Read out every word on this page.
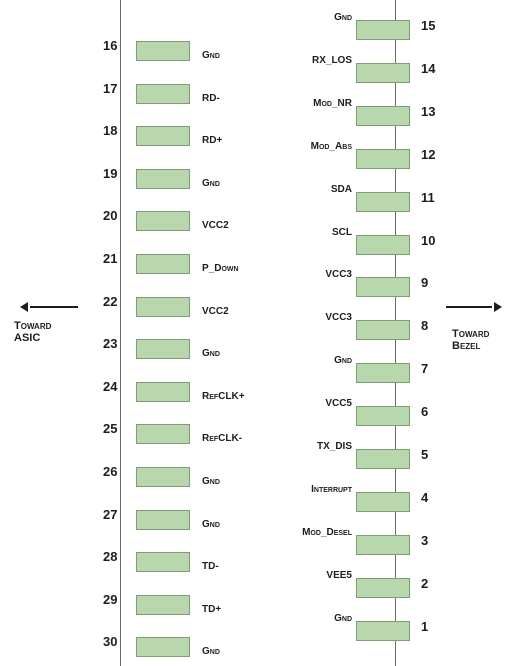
Toward
ASIC	Toward
Bezel
16
Gnd
17
RD-
18
RD+
19
Gnd
20
VCC2
21
P_Down
22
VCC2
23
Gnd
24
RefCLK+
25
RefCLK-
26
Gnd
27
Gnd
28
TD-
29
TD+
30
Gnd
15
Gnd
14
RX_LOS
13
Mod_NR
12
Mod_Abs
11
SDA
10
SCL
9
VCC3
8
VCC3
7
Gnd
6
VCC5
5
TX_DIS
4
Interrupt
3
Mod_Desel
2
VEE5
1
Gnd
